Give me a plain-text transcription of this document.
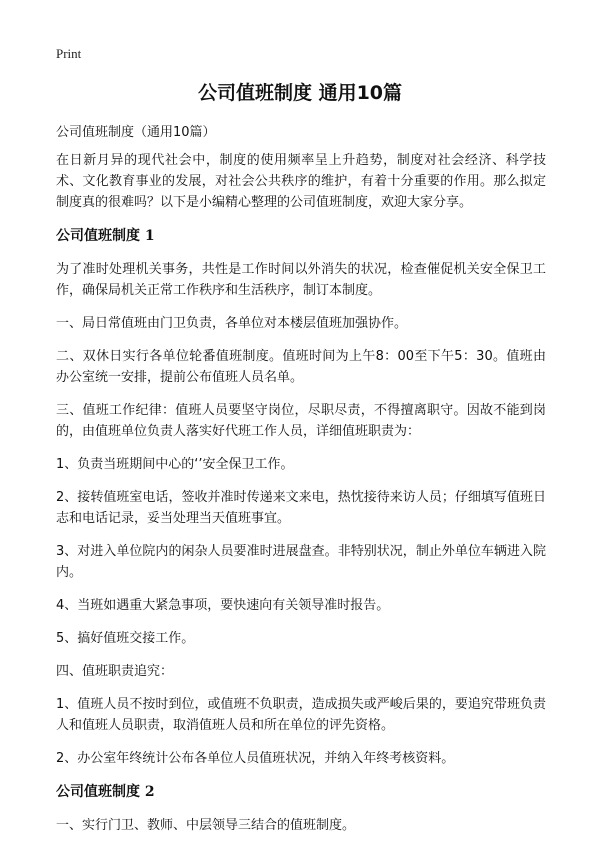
Print
公司值班制度 通用10篇
公司值班制度（通用10篇）

在日新月异的现代社会中，制度的使用频率呈上升趋势，制度对社会经济、科学技术、文化教育事业的发展，对社会公共秩序的维护，有着十分重要的作用。那么拟定制度真的很难吗？以下是小编精心整理的公司值班制度，欢迎大家分享。

公司值班制度 1

为了准时处理机关事务，共性是工作时间以外消失的状况，检查催促机关安全保卫工作，确保局机关正常工作秩序和生活秩序，制订本制度。

一、局日常值班由门卫负责，各单位对本楼层值班加强协作。

二、双休日实行各单位轮番值班制度。值班时间为上午8：00至下午5：30。值班由办公室统一安排，提前公布值班人员名单。

三、值班工作纪律：值班人员要坚守岗位，尽职尽责，不得擅离职守。因故不能到岗的，由值班单位负责人落实好代班工作人员，详细值班职责为：

1、负责当班期间中心的‘’安全保卫工作。

2、接转值班室电话，签收并准时传递来文来电，热忱接待来访人员；仔细填写值班日志和电话记录，妥当处理当天值班事宜。

3、对进入单位院内的闲杂人员要准时进展盘查。非特别状况，制止外单位车辆进入院内。

4、当班如遇重大紧急事项，要快速向有关领导准时报告。

5、搞好值班交接工作。

四、值班职责追究：

1、值班人员不按时到位，或值班不负职责，造成损失或严峻后果的，要追究带班负责人和值班人员职责，取消值班人员和所在单位的评先资格。

2、办公室年终统计公布各单位人员值班状况，并纳入年终考核资料。

公司值班制度 2

一、实行门卫、教师、中层领导三结合的值班制度。
